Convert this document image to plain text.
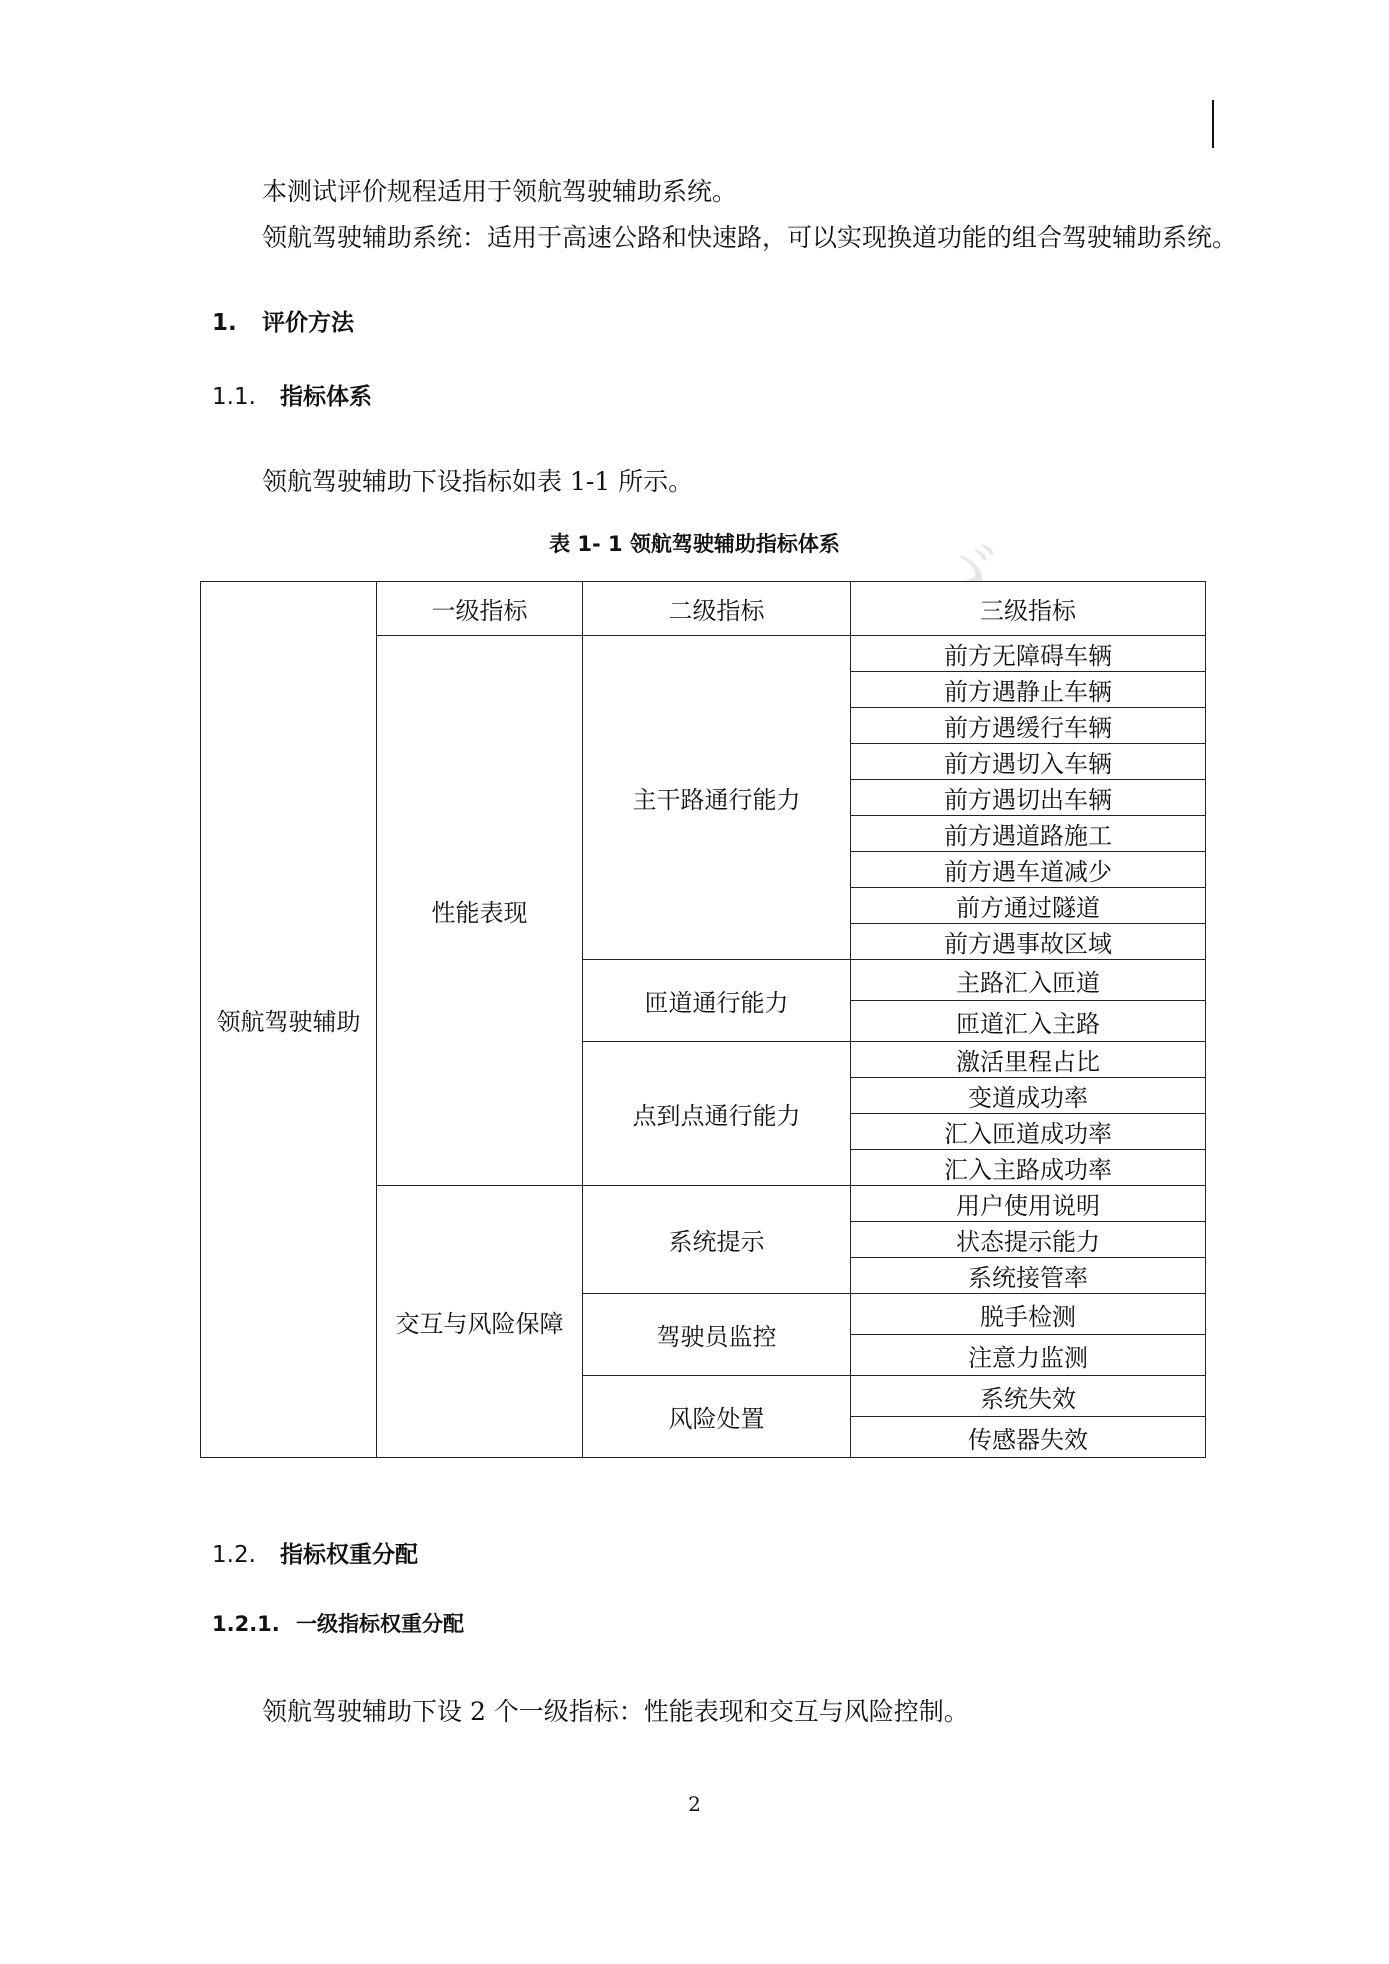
本测试评价规程适用于领航驾驶辅助系统。
领航驾驶辅助系统：适用于高速公路和快速路，可以实现换道功能的组合驾驶辅助系统。
1. 评价方法
1.1. 指标体系
领航驾驶辅助下设指标如表 1-1 所示。
表 1- 1 领航驾驶辅助指标体系	ゞ
领航驾驶辅助	一级指标	二级指标	三级指标
	性能表现	主干路通行能力	前方无障碍车辆
			前方遇静止车辆
			前方遇缓行车辆
			前方遇切入车辆
			前方遇切出车辆
			前方遇道路施工
			前方遇车道减少
			前方通过隧道
			前方遇事故区域
		匝道通行能力	主路汇入匝道
			匝道汇入主路
		点到点通行能力	激活里程占比
			变道成功率
			汇入匝道成功率
			汇入主路成功率
	交互与风险保障	系统提示	用户使用说明
			状态提示能力
			系统接管率
		驾驶员监控	脱手检测
			注意力监测
		风险处置	系统失效
			传感器失效
1.2. 指标权重分配
1.2.1. 一级指标权重分配
领航驾驶辅助下设 2 个一级指标：性能表现和交互与风险控制。
2
